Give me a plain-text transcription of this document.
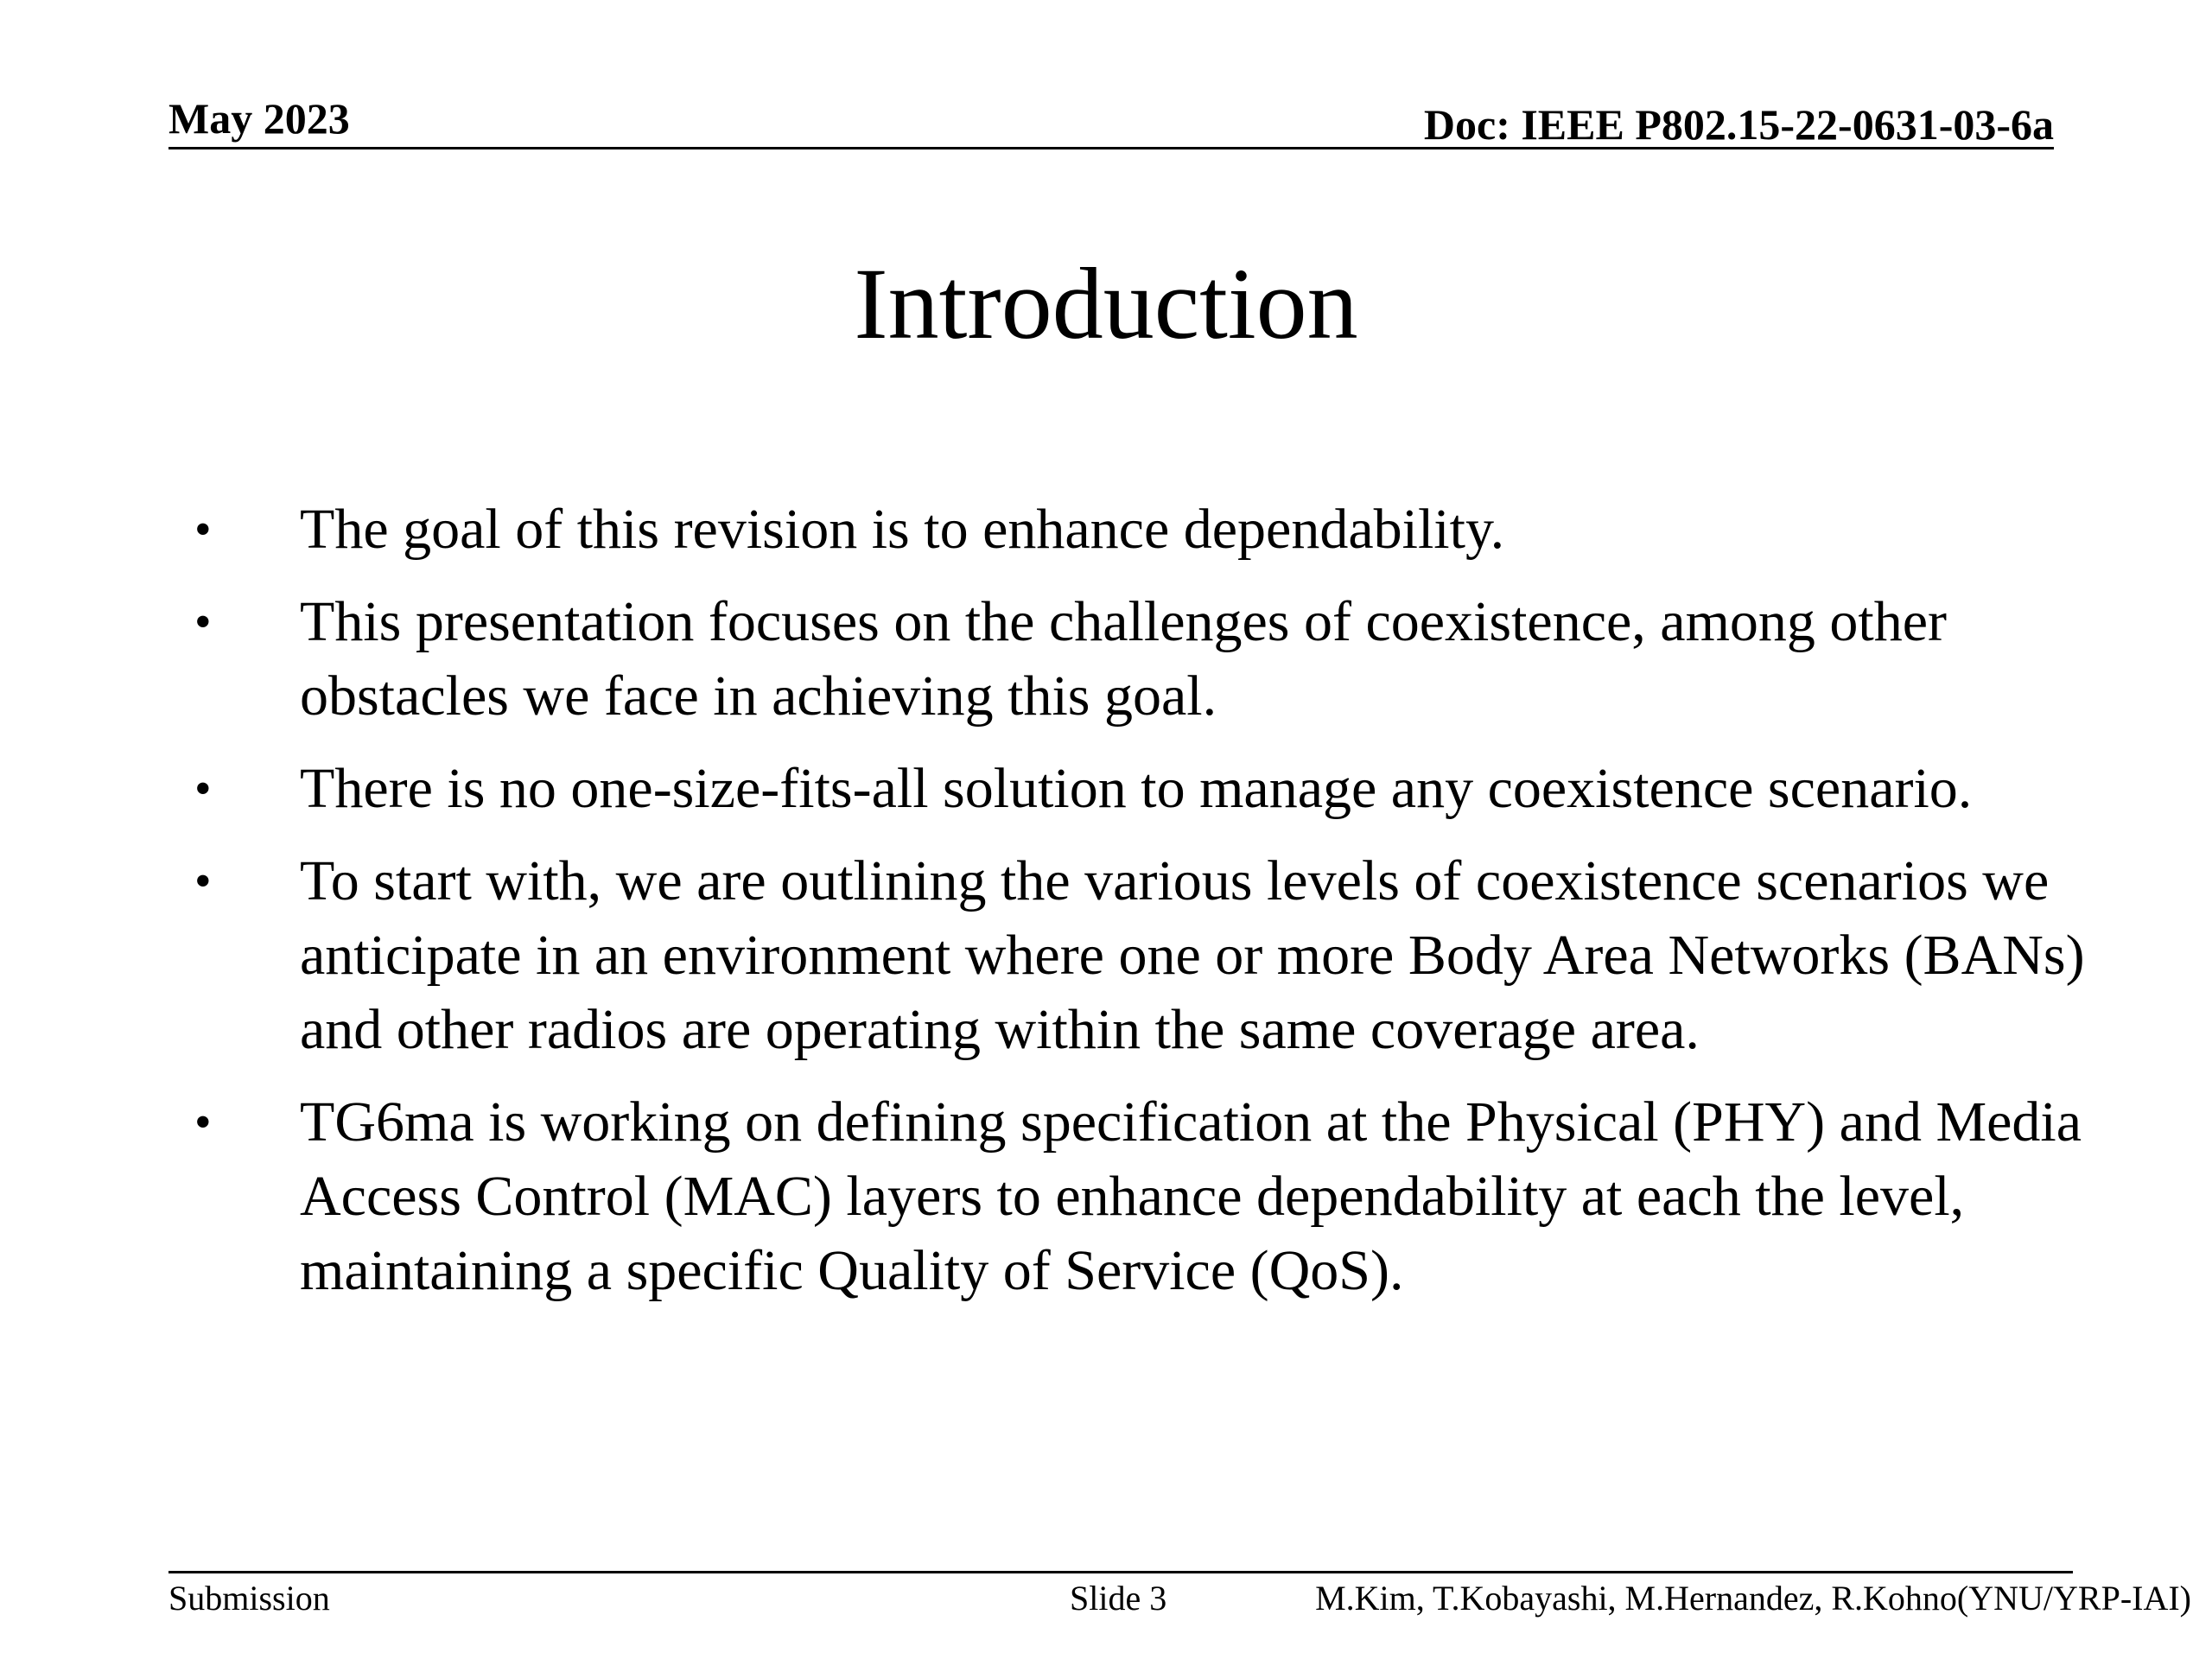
May 2023	Doc: IEEE P802.15-22-0631-03-6a
Introduction
• The goal of this revision is to enhance dependability.
• This presentation focuses on the challenges of coexistence, among other obstacles we face in achieving this goal.
• There is no one-size-fits-all solution to manage any coexistence scenario.
• To start with, we are outlining the various levels of coexistence scenarios we anticipate in an environment where one or more Body Area Networks (BANs) and other radios are operating within the same coverage area.
• TG6ma is working on defining specification at the Physical (PHY) and Media Access Control (MAC) layers to enhance dependability at each the level, maintaining a specific Quality of Service (QoS).
Submission	Slide 3	M.Kim, T.Kobayashi, M.Hernandez, R.Kohno(YNU/YRP-IAI)
